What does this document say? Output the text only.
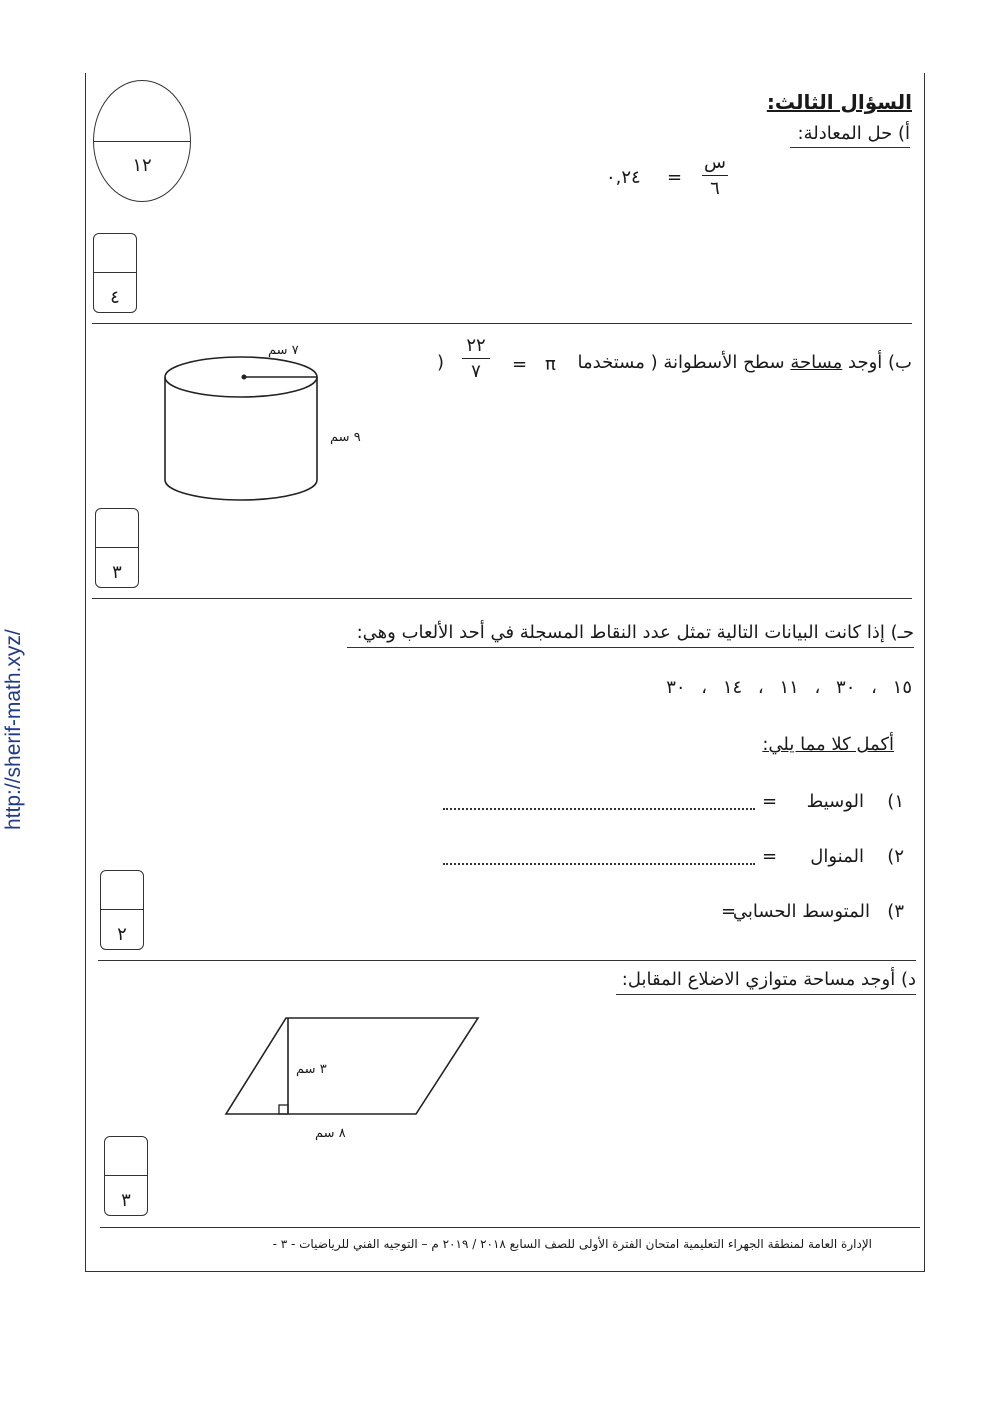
http://sherif-math.xyz/
١٢
السؤال الثالث:
أ) حل المعادلة:
س
٦
=
٠,٢٤
٤
ب) أوجد مساحة سطح الأسطوانة ( مستخدما
π
=
٢٢
٧
)
٧ سم
٩ سم
٣
حـ) إذا كانت البيانات التالية تمثل عدد النقاط المسجلة في أحد الألعاب وهي:
١٥ ، ٣٠ ، ١١ ، ١٤ ، ٣٠
أكمل كلا مما يلي:
١)
الوسيط
=
٢)
المنوال
=
٣)
المتوسط الحسابي
=
٢
د) أوجد مساحة متوازي الاضلاع المقابل:
٣ سم
٨ سم
٣
الإدارة العامة لمنطقة الجهراء التعليمية امتحان الفترة الأولى للصف السابع ٢٠١٨ / ٢٠١٩ م – التوجيه الفني للرياضيات - ٣ -
